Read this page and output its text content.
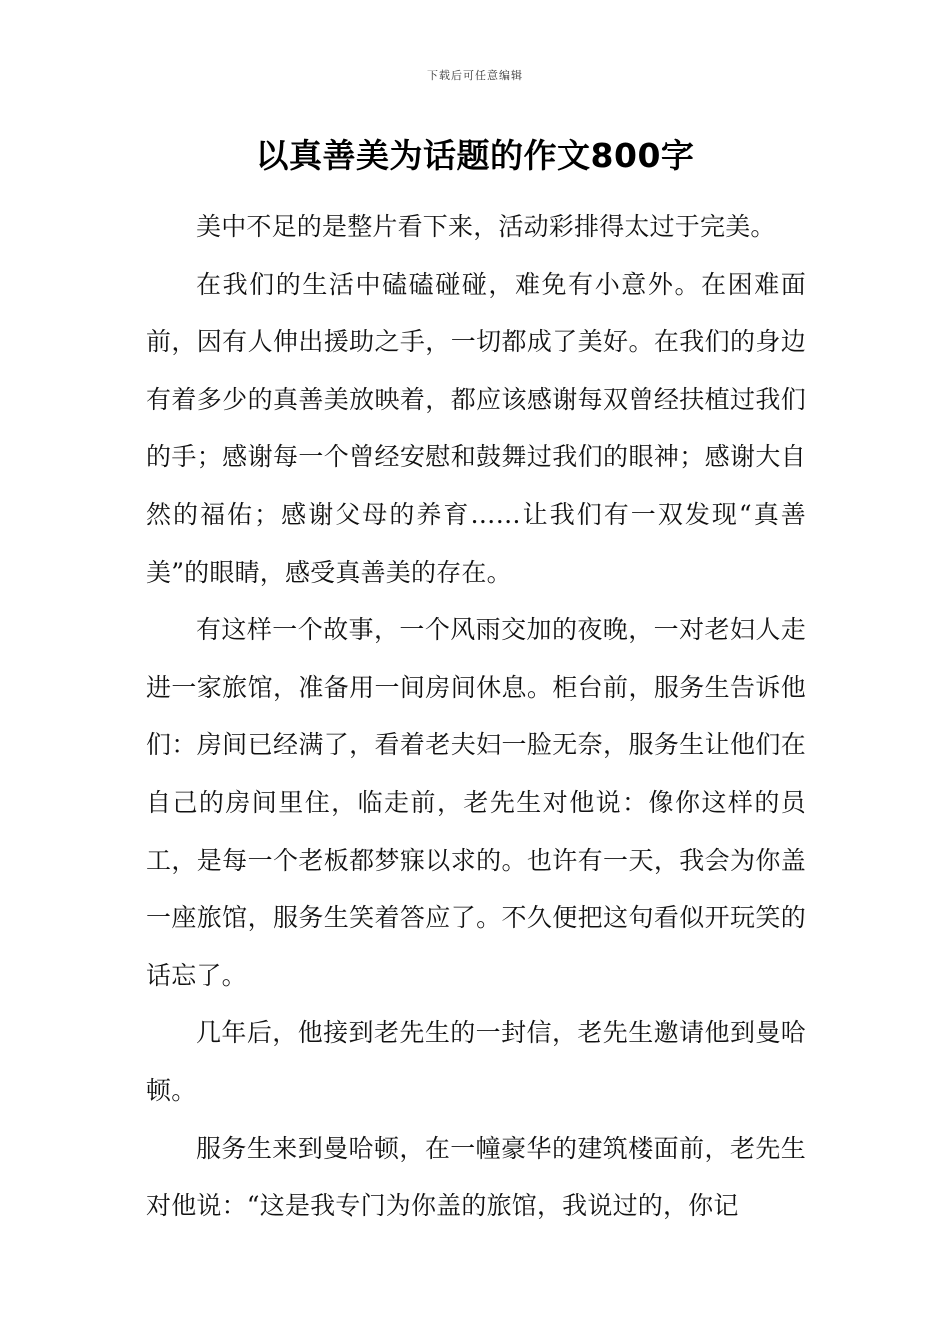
下载后可任意编辑
以真善美为话题的作文800字

美中不足的是整片看下来，活动彩排得太过于完美。

在我们的生活中磕磕碰碰，难免有小意外。在困难面前，因有人伸出援助之手，一切都成了美好。在我们的身边有着多少的真善美放映着，都应该感谢每双曾经扶植过我们的手；感谢每一个曾经安慰和鼓舞过我们的眼神；感谢大自然的福佑；感谢父母的养育……让我们有一双发现“真善美”的眼睛，感受真善美的存在。

有这样一个故事，一个风雨交加的夜晚，一对老妇人走进一家旅馆，准备用一间房间休息。柜台前，服务生告诉他们：房间已经满了，看着老夫妇一脸无奈，服务生让他们在自己的房间里住，临走前，老先生对他说：像你这样的员工，是每一个老板都梦寐以求的。也许有一天，我会为你盖一座旅馆，服务生笑着答应了。不久便把这句看似开玩笑的话忘了。

几年后，他接到老先生的一封信，老先生邀请他到曼哈顿。

服务生来到曼哈顿，在一幢豪华的建筑楼面前，老先生对他说：“这是我专门为你盖的旅馆，我说过的，你记
